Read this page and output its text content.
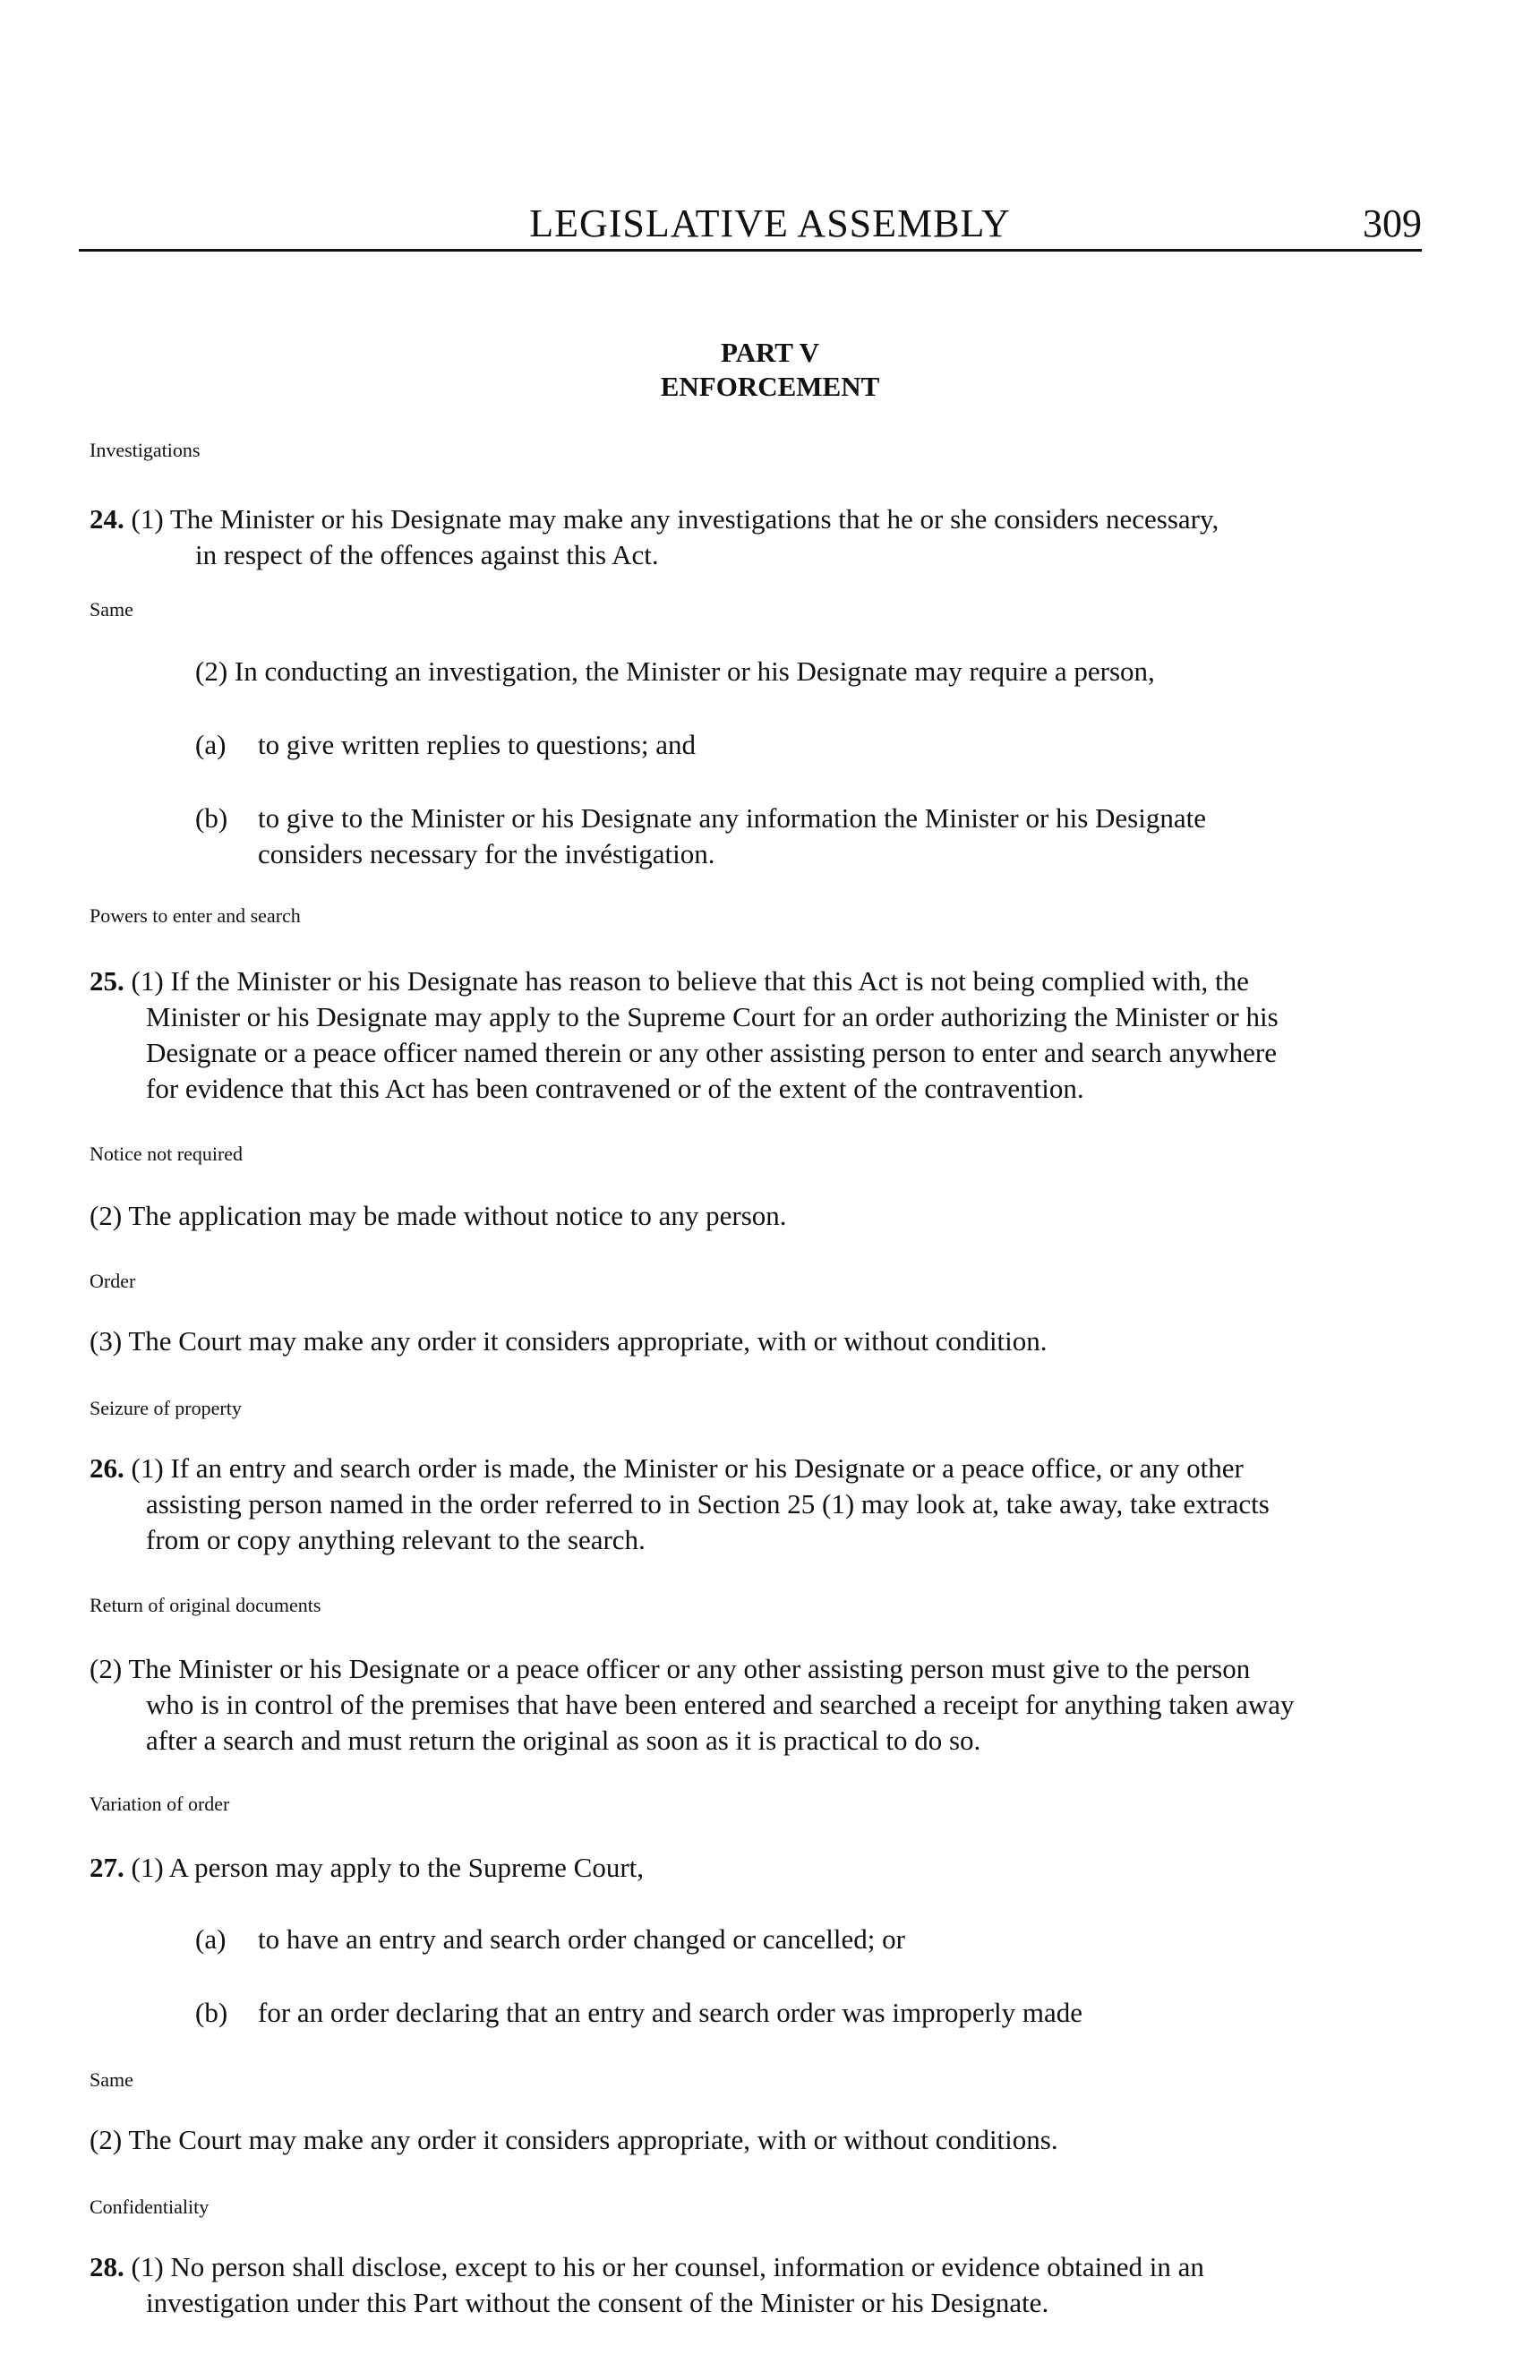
LEGISLATIVE ASSEMBLY	309
PART V
ENFORCEMENT
Investigations
24. (1) The Minister or his Designate may make any investigations that he or she considers necessary,
in respect of the offences against this Act.
Same
(2) In conducting an investigation, the Minister or his Designate may require a person,
(a) to give written replies to questions; and
(b) to give to the Minister or his Designate any information the Minister or his Designate
considers necessary for the invéstigation.
Powers to enter and search
25. (1) If the Minister or his Designate has reason to believe that this Act is not being complied with, the
Minister or his Designate may apply to the Supreme Court for an order authorizing the Minister or his
Designate or a peace officer named therein or any other assisting person to enter and search anywhere
for evidence that this Act has been contravened or of the extent of the contravention.
Notice not required
(2) The application may be made without notice to any person.
Order
(3) The Court may make any order it considers appropriate, with or without condition.
Seizure of property
26. (1) If an entry and search order is made, the Minister or his Designate or a peace office, or any other
assisting person named in the order referred to in Section 25 (1) may look at, take away, take extracts
from or copy anything relevant to the search.
Return of original documents
(2) The Minister or his Designate or a peace officer or any other assisting person must give to the person
who is in control of the premises that have been entered and searched a receipt for anything taken away
after a search and must return the original as soon as it is practical to do so.
Variation of order
27. (1) A person may apply to the Supreme Court,
(a) to have an entry and search order changed or cancelled; or
(b) for an order declaring that an entry and search order was improperly made
Same
(2) The Court may make any order it considers appropriate, with or without conditions.
Confidentiality
28. (1) No person shall disclose, except to his or her counsel, information or evidence obtained in an
investigation under this Part without the consent of the Minister or his Designate.
